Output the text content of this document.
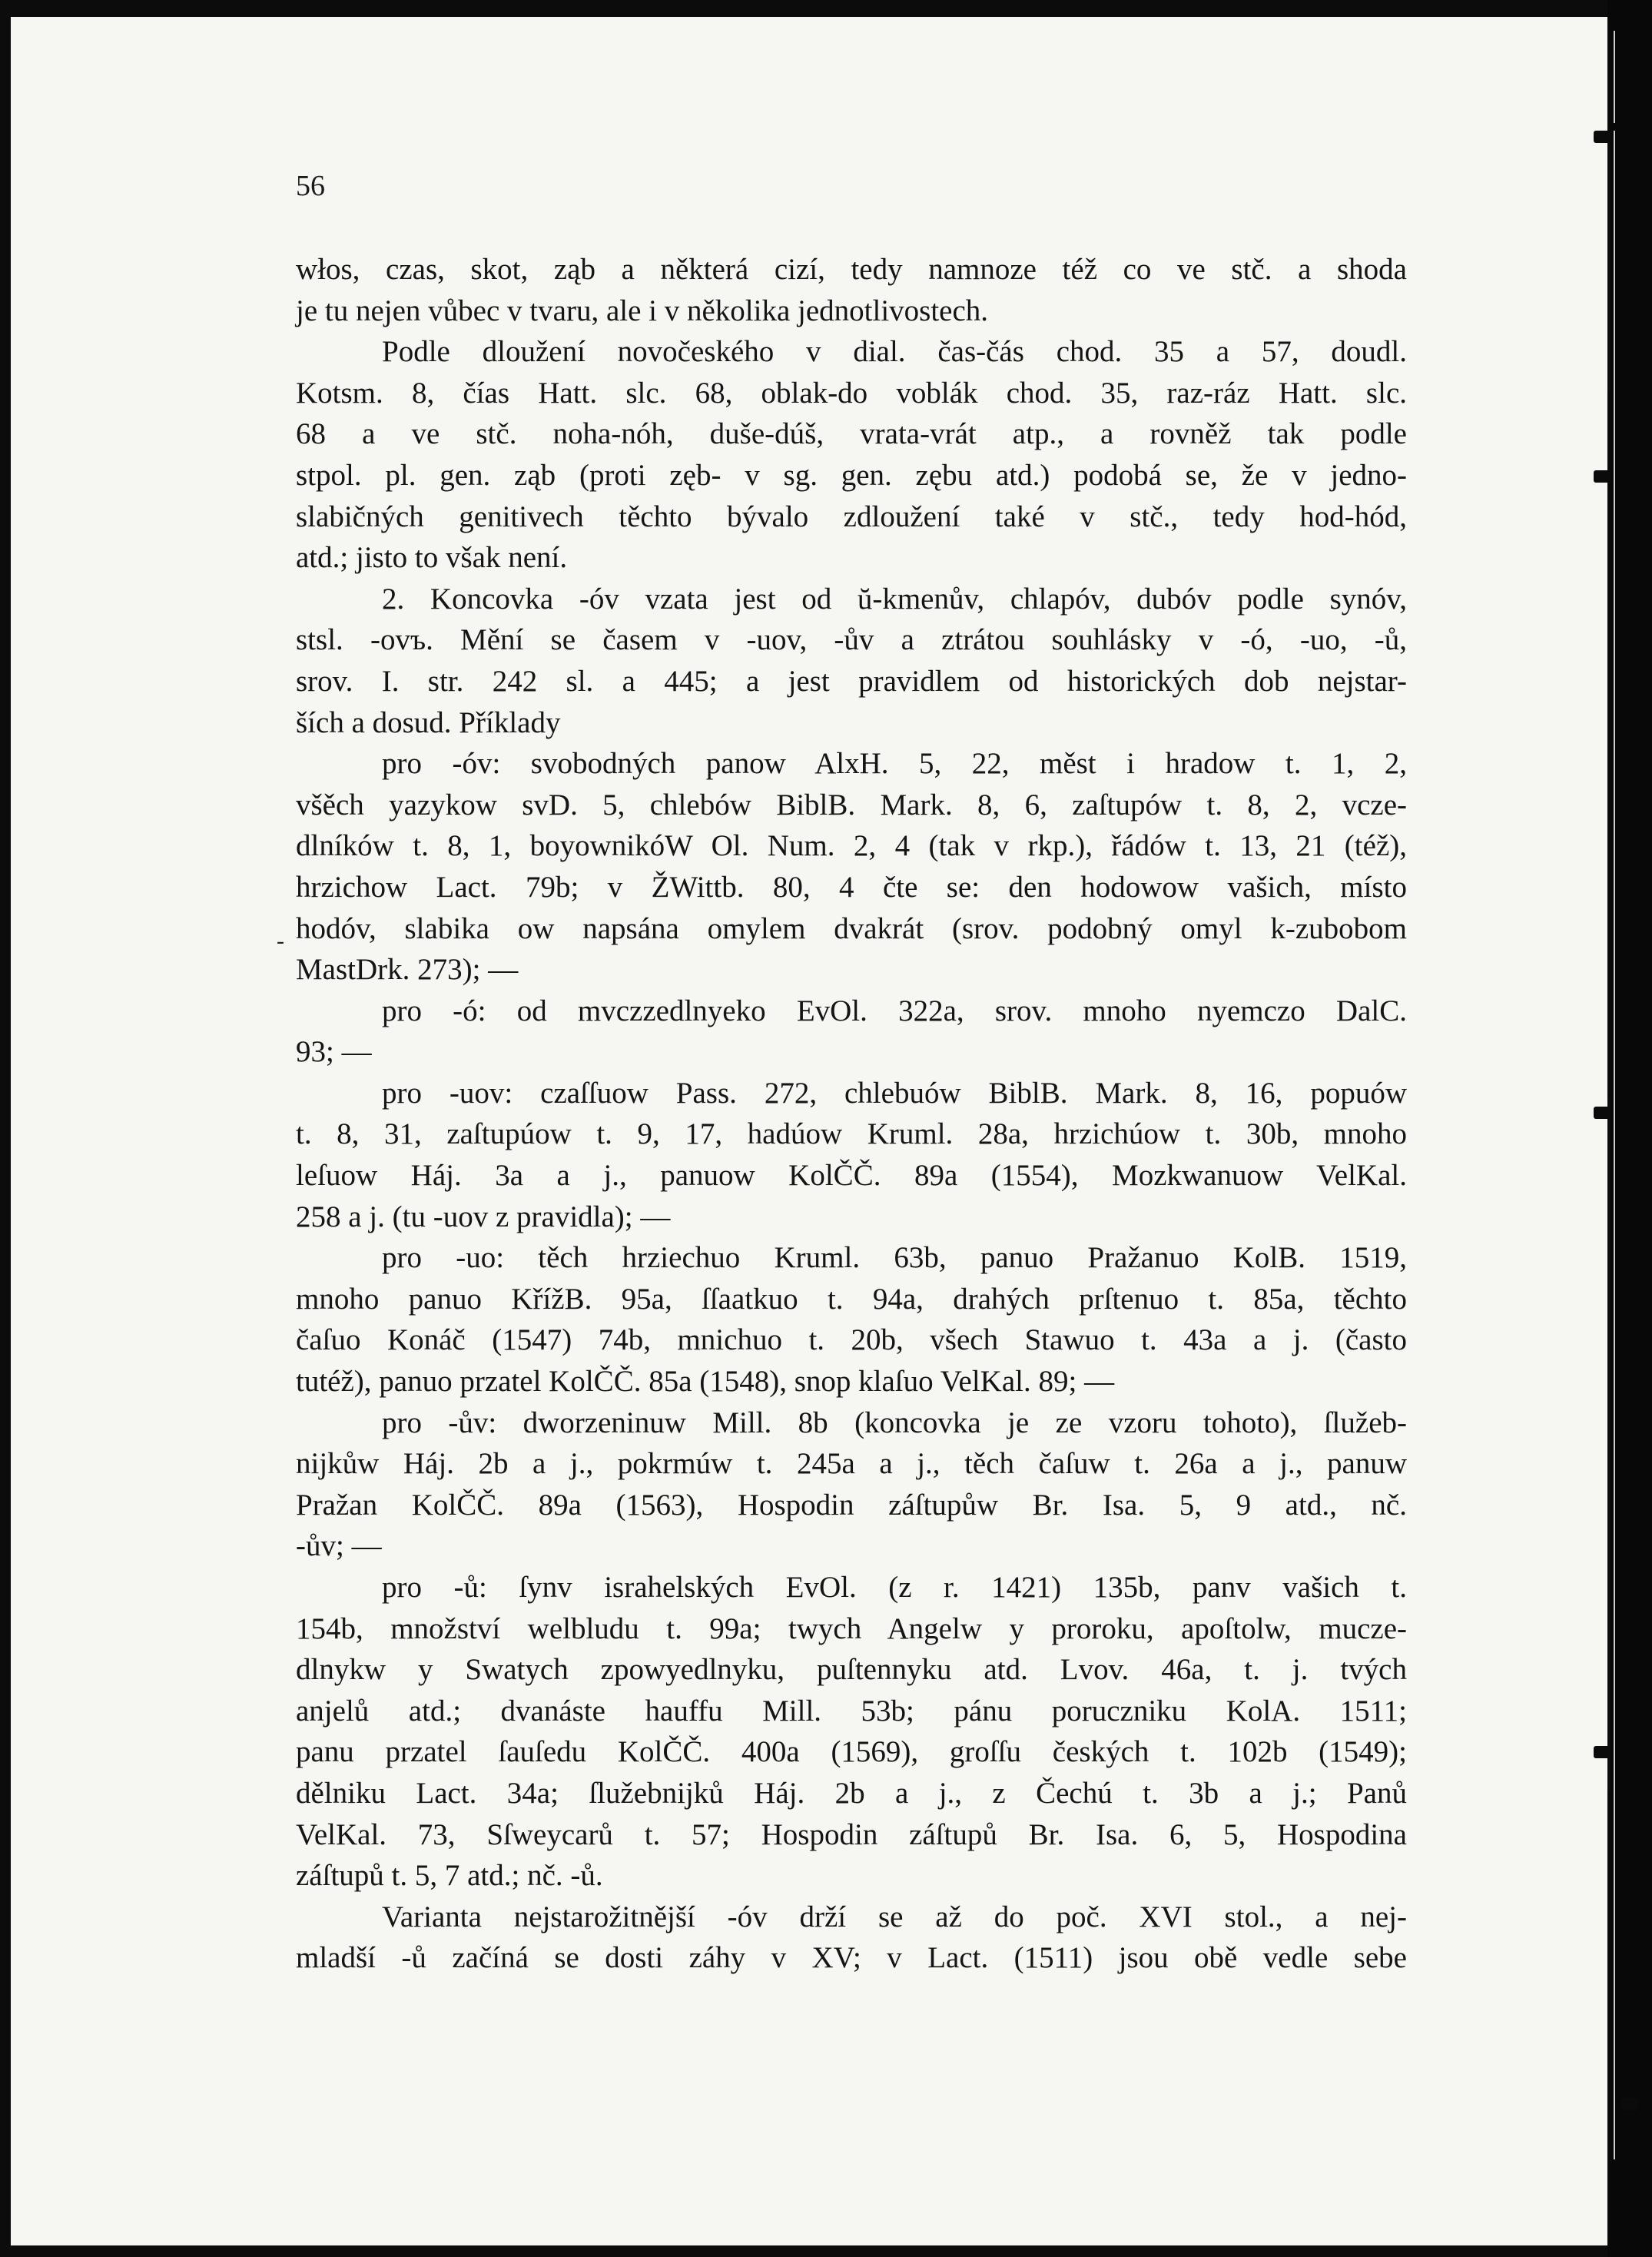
56
-
włos, czas, skot, ząb a některá cizí, tedy namnoze též co ve stč. a shoda
je tu nejen vůbec v tvaru, ale i v několika jednotlivostech.
Podle dloužení novočeského v dial. čas-čás chod. 35 a 57, doudl.
Kotsm. 8, čías Hatt. slc. 68, oblak-do voblák chod. 35, raz-ráz Hatt. slc.
68 a ve stč. noha-nóh, duše-dúš, vrata-vrát atp., a rovněž tak podle
stpol. pl. gen. ząb (proti zęb- v sg. gen. zębu atd.) podobá se, že v jedno-
slabičných genitivech těchto bývalo zdloužení také v stč., tedy hod-hód,
atd.; jisto to však není.
2. Koncovka -óv vzata jest od ŭ-kmenův, chlapóv, dubóv podle synóv,
stsl. -ovъ. Mění se časem v -uov, -ův a ztrátou souhlásky v -ó, -uo, -ů,
srov. I. str. 242 sl. a 445; a jest pravidlem od historických dob nejstar-
ších a dosud. Příklady
pro -óv: svobodných panow AlxH. 5, 22, měst i hradow t. 1, 2,
všěch yazykow svD. 5, chlebów BiblB. Mark. 8, 6, zaſtupów t. 8, 2, vcze-
dlníków t. 8, 1, boyownikóW Ol. Num. 2, 4 (tak v rkp.), řádów t. 13, 21 (též),
hrzichow Lact. 79b; v ŽWittb. 80, 4 čte se: den hodowow vašich, místo
hodóv, slabika ow napsána omylem dvakrát (srov. podobný omyl k-zubobom
MastDrk. 273); —
pro -ó: od mvczzedlnyeko EvOl. 322a, srov. mnoho nyemczo DalC.
93; —
pro -uov: czaſſuow Pass. 272, chlebuów BiblB. Mark. 8, 16, popuów
t. 8, 31, zaſtupúow t. 9, 17, hadúow Kruml. 28a, hrzichúow t. 30b, mnoho
leſuow Háj. 3a a j., panuow KolČČ. 89a (1554), Mozkwanuow VelKal.
258 a j. (tu -uov z pravidla); —
pro -uo: těch hrziechuo Kruml. 63b, panuo Pražanuo KolB. 1519,
mnoho panuo KřížB. 95a, ſſaatkuo t. 94a, drahých prſtenuo t. 85a, těchto
čaſuo Konáč (1547) 74b, mnichuo t. 20b, všech Stawuo t. 43a a j. (často
tutéž), panuo przatel KolČČ. 85a (1548), snop klaſuo VelKal. 89; —
pro -ův: dworzeninuw Mill. 8b (koncovka je ze vzoru tohoto), ſlužeb-
nijkůw Háj. 2b a j., pokrmúw t. 245a a j., těch čaſuw t. 26a a j., panuw
Pražan KolČČ. 89a (1563), Hospodin záſtupůw Br. Isa. 5, 9 atd., nč.
-ův; —
pro -ů: ſynv israhelských EvOl. (z r. 1421) 135b, panv vašich t.
154b, množství welbludu t. 99a; twych Angelw y proroku, apoſtolw, mucze-
dlnykw y Swatych zpowyedlnyku, puſtennyku atd. Lvov. 46a, t. j. tvých
anjelů atd.; dvanáste hauffu Mill. 53b; pánu poruczniku KolA. 1511;
panu przatel ſauſedu KolČČ. 400a (1569), groſſu českých t. 102b (1549);
dělniku Lact. 34a; ſlužebnijků Háj. 2b a j., z Čechú t. 3b a j.; Panů
VelKal. 73, Sſweycarů t. 57; Hospodin záſtupů Br. Isa. 6, 5, Hospodina
záſtupů t. 5, 7 atd.; nč. -ů.
Varianta nejstarožitnější -óv drží se až do poč. XVI stol., a nej-
mladší -ů začíná se dosti záhy v XV; v Lact. (1511) jsou obě vedle sebe
